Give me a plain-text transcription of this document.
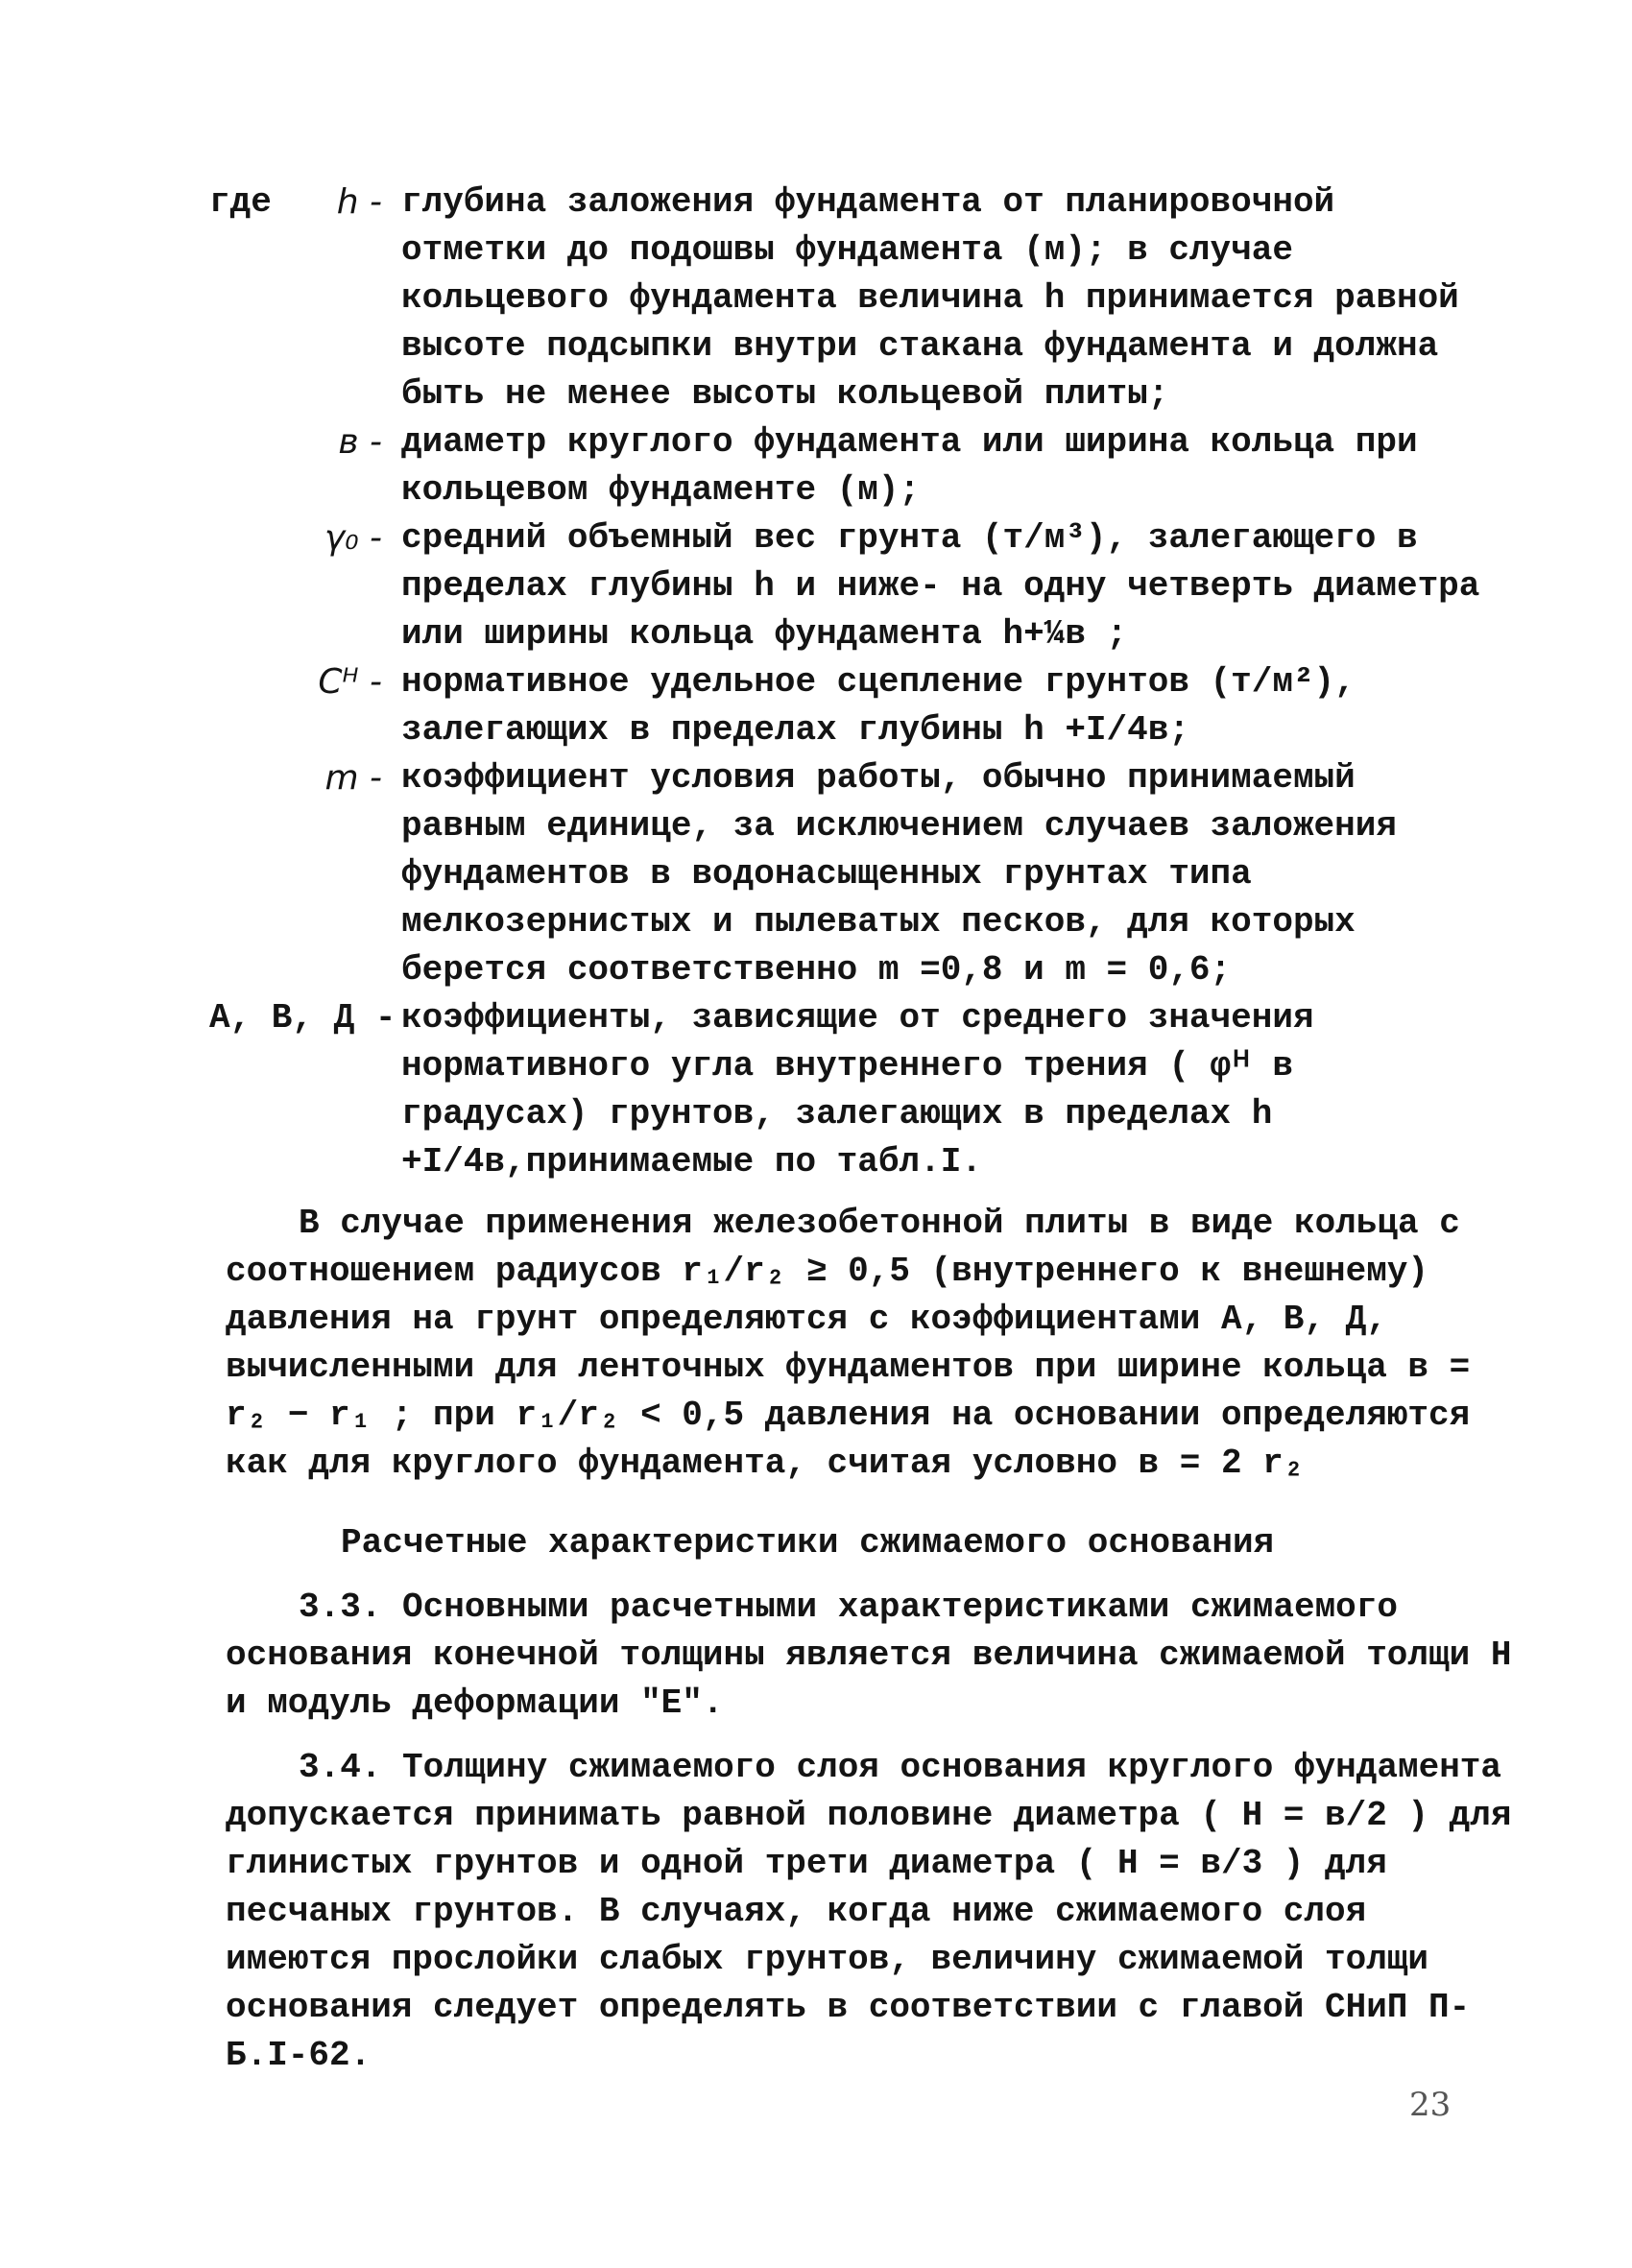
где h - глубина заложения фундамента от планировочной отметки до подошвы фундамента (м); в случае кольцевого фундамента величина h принимается равной высоте подсыпки внутри стакана фундамента и должна быть не менее высоты кольцевой плиты;
в - диаметр круглого фундамента или ширина кольца при кольцевом фундаменте (м);
γ₀ - средний объемный вес грунта (т/м³), залегающего в пределах глубины h и ниже- на одну четверть диаметра или ширины кольца фундамента h+¼в ;
Cᴴ - нормативное удельное сцепление грунтов (т/м²), залегающих в пределах глубины h +I/4в;
m - коэффициент условия работы, обычно принимаемый равным единице, за исключением случаев заложения фундаментов в водонасыщенных грунтах типа мелкозернистых и пылеватых песков, для которых берется соответственно m =0,8 и m = 0,6;
А, В, Д - коэффициенты, зависящие от среднего значения нормативного угла внутреннего трения ( φᴴ в градусах) грунтов, залегающих в пределах h +I/4в,принимаемые по табл.I.

В случае применения железобетонной плиты в виде кольца с соотношением радиусов r₁/r₂ ≥ 0,5 (внутреннего к внешнему) давления на грунт определяются с коэффициентами А, В, Д, вычисленными для ленточных фундаментов при ширине кольца в = r₂ − r₁ ; при r₁/r₂ < 0,5 давления на основании определяются как для круглого фундамента, считая условно в = 2 r₂

Расчетные характеристики сжимаемого основания

3.3. Основными расчетными характеристиками сжимаемого основания конечной толщины является величина сжимаемой толщи Н и модуль деформации "Е".

3.4. Толщину сжимаемого слоя основания круглого фундамента допускается принимать равной половине диаметра ( H = в/2 ) для глинистых грунтов и одной трети диаметра ( H = в/3 ) для песчаных грунтов. В случаях, когда ниже сжимаемого слоя имеются прослойки слабых грунтов, величину сжимаемой толщи основания следует определять в соответствии с главой СНиП П-Б.I-62.

23
